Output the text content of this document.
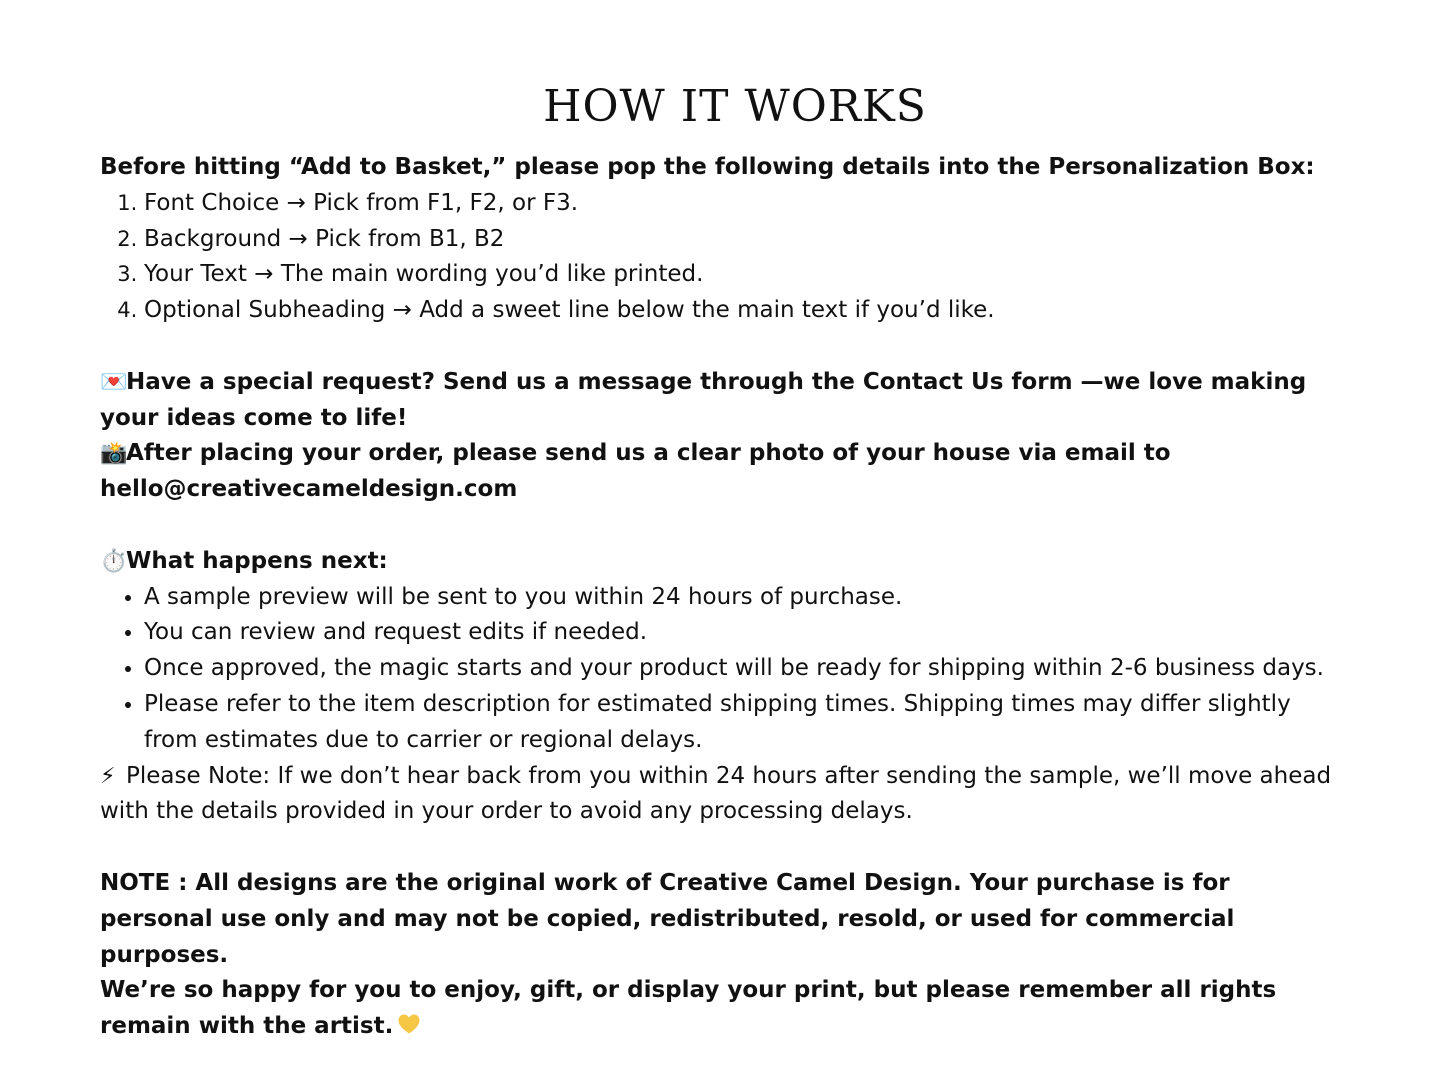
HOW IT WORKS

Before hitting “Add to Basket,” please pop the following details into the Personalization Box:

1. Font Choice → Pick from F1, F2, or F3.
2. Background → Pick from B1, B2
3. Your Text → The main wording you’d like printed.
4. Optional Subheading → Add a sweet line below the main text if you’d like.

💌Have a special request? Send us a message through the Contact Us form —we love making your ideas come to life!

📸After placing your order, please send us a clear photo of your house via email to hello@creativecameldesign.com

⏱️What happens next:

• A sample preview will be sent to you within 24 hours of purchase.
• You can review and request edits if needed.
• Once approved, the magic starts and your product will be ready for shipping within 2-6 business days.
• Please refer to the item description for estimated shipping times. Shipping times may differ slightly from estimates due to carrier or regional delays.

⚡ Please Note: If we don’t hear back from you within 24 hours after sending the sample, we’ll move ahead with the details provided in your order to avoid any processing delays.

NOTE : All designs are the original work of Creative Camel Design. Your purchase is for personal use only and may not be copied, redistributed, resold, or used for commercial purposes.

We’re so happy for you to enjoy, gift, or display your print, but please remember all rights remain with the artist.
